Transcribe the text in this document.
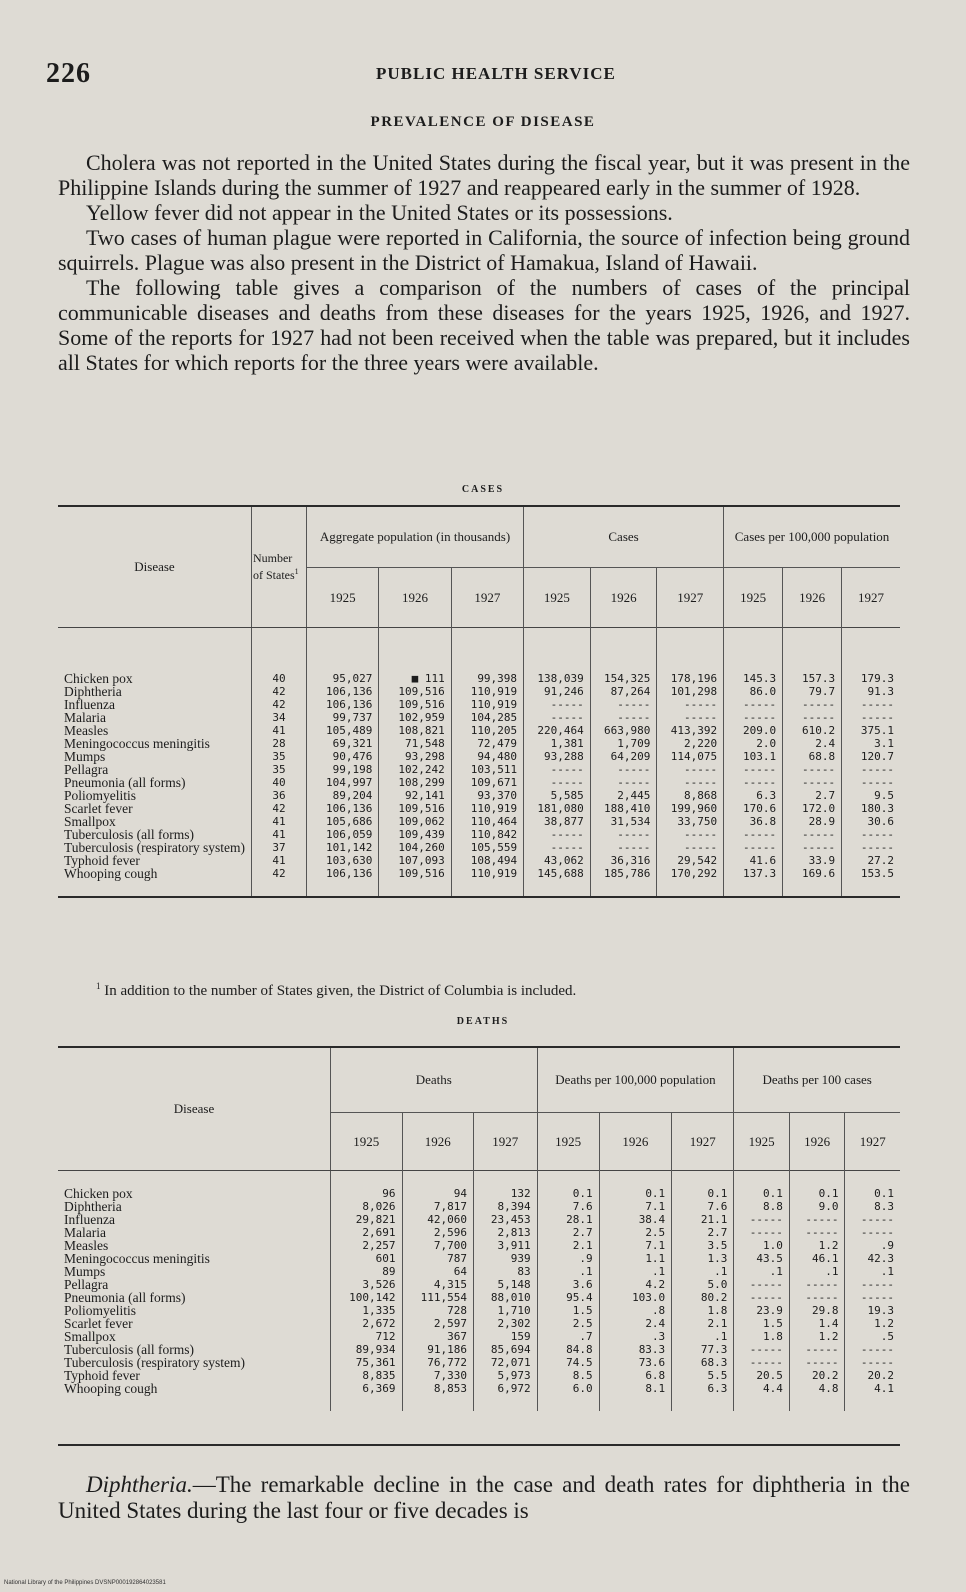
226	PUBLIC HEALTH SERVICE
PREVALENCE OF DISEASE

Cholera was not reported in the United States during the fiscal year, but it was present in the Philippine Islands during the summer of 1927 and reappeared early in the summer of 1928.

Yellow fever did not appear in the United States or its possessions.

Two cases of human plague were reported in California, the source of infection being ground squirrels. Plague was also present in the District of Hamakua, Island of Hawaii.

The following table gives a comparison of the numbers of cases of the principal communicable diseases and deaths from these diseases for the years 1925, 1926, and 1927. Some of the reports for 1927 had not been received when the table was prepared, but it includes all States for which reports for the three years were available.

CASES
Disease	Number of States$^1$	Aggregate population (in thousands)			Cases			Cases per 100,000 population		
		1925	1926	1927	1925	1926	1927	1925	1926	1927
Chicken pox	40	95,027	■ 111	99,398	138,039	154,325	178,196	145.3	157.3	179.3
Diphtheria	42	106,136	109,516	110,919	91,246	87,264	101,298	86.0	79.7	91.3
Influenza	42	106,136	109,516	110,919	-----	-----	-----	-----	-----	-----
Malaria	34	99,737	102,959	104,285	-----	-----	-----	-----	-----	-----
Measles	41	105,489	108,821	110,205	220,464	663,980	413,392	209.0	610.2	375.1
Meningococcus meningitis	28	69,321	71,548	72,479	1,381	1,709	2,220	2.0	2.4	3.1
Mumps	35	90,476	93,298	94,480	93,288	64,209	114,075	103.1	68.8	120.7
Pellagra	35	99,198	102,242	103,511	-----	-----	-----	-----	-----	-----
Pneumonia (all forms)	40	104,997	108,299	109,671	-----	-----	-----	-----	-----	-----
Poliomyelitis	36	89,204	92,141	93,370	5,585	2,445	8,868	6.3	2.7	9.5
Scarlet fever	42	106,136	109,516	110,919	181,080	188,410	199,960	170.6	172.0	180.3
Smallpox	41	105,686	109,062	110,464	38,877	31,534	33,750	36.8	28.9	30.6
Tuberculosis (all forms)	41	106,059	109,439	110,842	-----	-----	-----	-----	-----	-----
Tuberculosis (respiratory system)	37	101,142	104,260	105,559	-----	-----	-----	-----	-----	-----
Typhoid fever	41	103,630	107,093	108,494	43,062	36,316	29,542	41.6	33.9	27.2
Whooping cough	42	106,136	109,516	110,919	145,688	185,786	170,292	137.3	169.6	153.5
$^1$ In addition to the number of States given, the District of Columbia is included.
DEATHS
Disease	Deaths			Deaths per 100,000 population			Deaths per 100 cases		
	1925	1926	1927	1925	1926	1927	1925	1926	1927
Chicken pox	96	94	132	0.1	0.1	0.1	0.1	0.1	0.1
Diphtheria	8,026	7,817	8,394	7.6	7.1	7.6	8.8	9.0	8.3
Influenza	29,821	42,060	23,453	28.1	38.4	21.1	-----	-----	-----
Malaria	2,691	2,596	2,813	2.7	2.5	2.7	-----	-----	-----
Measles	2,257	7,700	3,911	2.1	7.1	3.5	1.0	1.2	.9
Meningococcus meningitis	601	787	939	.9	1.1	1.3	43.5	46.1	42.3
Mumps	89	64	83	.1	.1	.1	.1	.1	.1
Pellagra	3,526	4,315	5,148	3.6	4.2	5.0	-----	-----	-----
Pneumonia (all forms)	100,142	111,554	88,010	95.4	103.0	80.2	-----	-----	-----
Poliomyelitis	1,335	728	1,710	1.5	.8	1.8	23.9	29.8	19.3
Scarlet fever	2,672	2,597	2,302	2.5	2.4	2.1	1.5	1.4	1.2
Smallpox	712	367	159	.7	.3	.1	1.8	1.2	.5
Tuberculosis (all forms)	89,934	91,186	85,694	84.8	83.3	77.3	-----	-----	-----
Tuberculosis (respiratory system)	75,361	76,772	72,071	74.5	73.6	68.3	-----	-----	-----
Typhoid fever	8,835	7,330	5,973	8.5	6.8	5.5	20.5	20.2	20.2
Whooping cough	6,369	8,853	6,972	6.0	8.1	6.3	4.4	4.8	4.1
Diphtheria.—The remarkable decline in the case and death rates for diphtheria in the United States during the last four or five decades is
National Library of the Philippines DVSNP000192864023581
